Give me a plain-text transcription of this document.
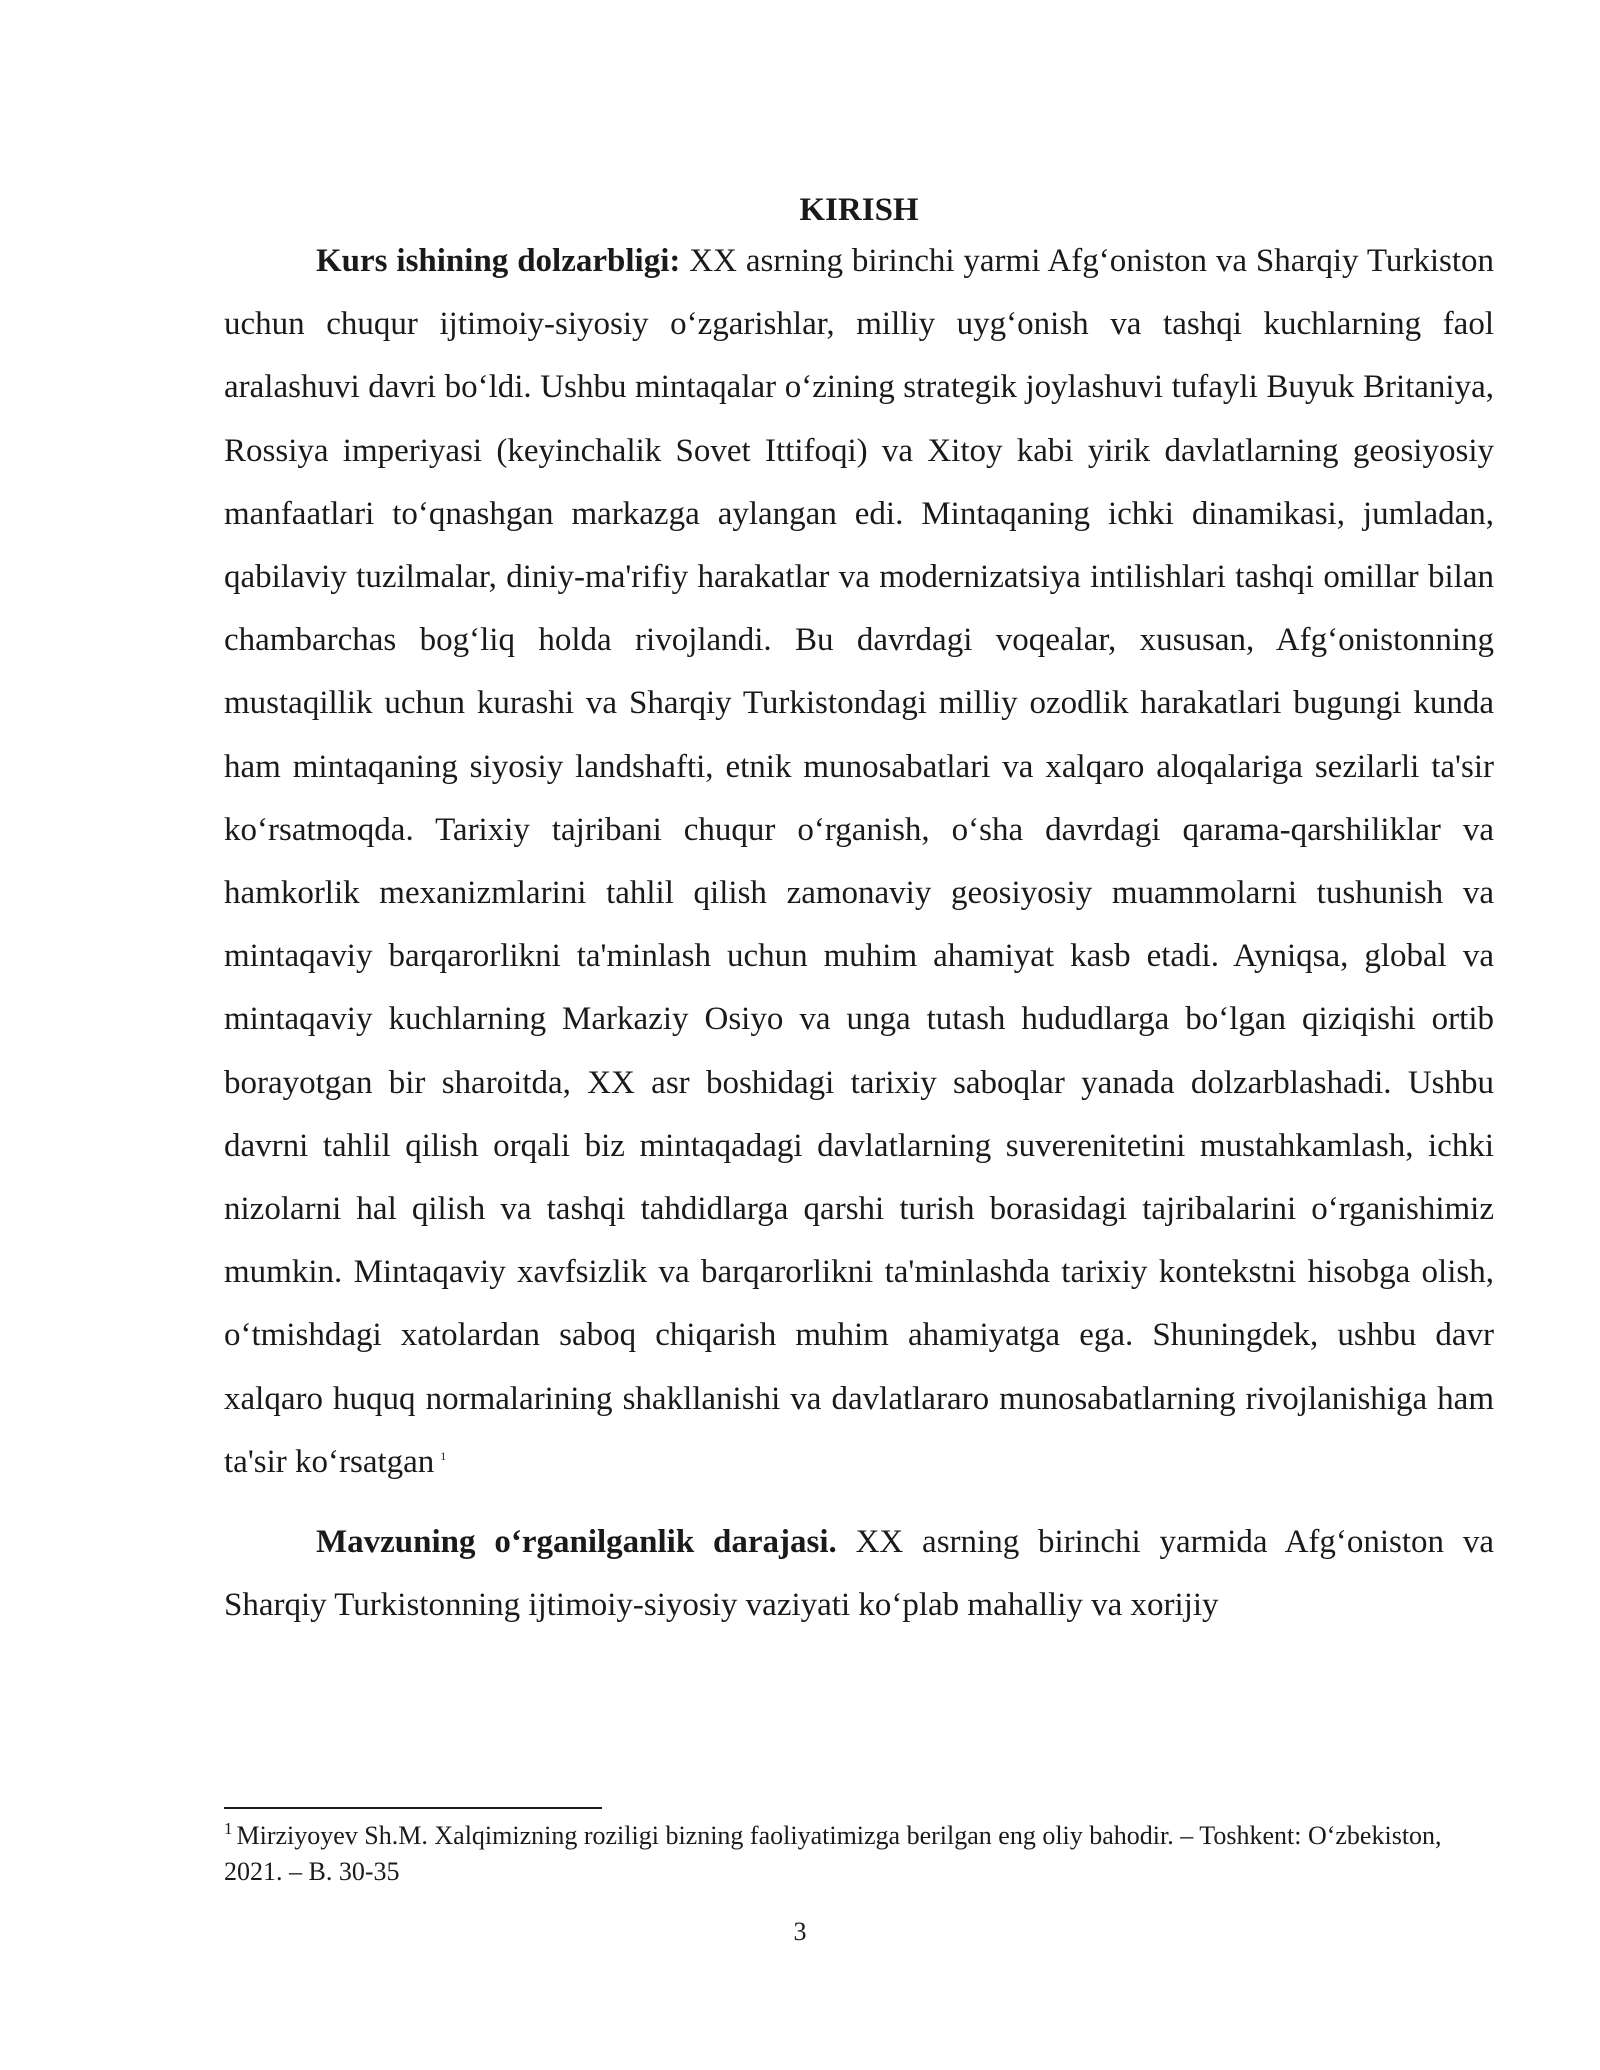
KIRISH

Kurs ishining dolzarbligi: XX asrning birinchi yarmi Afg‘oniston va Sharqiy Turkiston uchun chuqur ijtimoiy-siyosiy o‘zgarishlar, milliy uyg‘onish va tashqi kuchlarning faol aralashuvi davri bo‘ldi. Ushbu mintaqalar o‘zining strategik joylashuvi tufayli Buyuk Britaniya, Rossiya imperiyasi (keyinchalik Sovet Ittifoqi) va Xitoy kabi yirik davlatlarning geosiyosiy manfaatlari to‘qnashgan markazga aylangan edi. Mintaqaning ichki dinamikasi, jumladan, qabilaviy tuzilmalar, diniy-ma'rifiy harakatlar va modernizatsiya intilishlari tashqi omillar bilan chambarchas bog‘liq holda rivojlandi. Bu davrdagi voqealar, xususan, Afg‘onistonning mustaqillik uchun kurashi va Sharqiy Turkistondagi milliy ozodlik harakatlari bugungi kunda ham mintaqaning siyosiy landshafti, etnik munosabatlari va xalqaro aloqalariga sezilarli ta'sir ko‘rsatmoqda. Tarixiy tajribani chuqur o‘rganish, o‘sha davrdagi qarama-qarshiliklar va hamkorlik mexanizmlarini tahlil qilish zamonaviy geosiyosiy muammolarni tushunish va mintaqaviy barqarorlikni ta'minlash uchun muhim ahamiyat kasb etadi. Ayniqsa, global va mintaqaviy kuchlarning Markaziy Osiyo va unga tutash hududlarga bo‘lgan qiziqishi ortib borayotgan bir sharoitda, XX asr boshidagi tarixiy saboqlar yanada dolzarblashadi. Ushbu davrni tahlil qilish orqali biz mintaqadagi davlatlarning suverenitetini mustahkamlash, ichki nizolarni hal qilish va tashqi tahdidlarga qarshi turish borasidagi tajribalarini o‘rganishimiz mumkin. Mintaqaviy xavfsizlik va barqarorlikni ta'minlashda tarixiy kontekstni hisobga olish, o‘tmishdagi xatolardan saboq chiqarish muhim ahamiyatga ega. Shuningdek, ushbu davr xalqaro huquq normalarining shakllanishi va davlatlararo munosabatlarning rivojlanishiga ham ta'sir ko‘rsatgan $^1$

Mavzuning o‘rganilganlik darajasi. XX asrning birinchi yarmida Afg‘oniston va Sharqiy Turkistonning ijtimoiy-siyosiy vaziyati ko‘plab mahalliy va xorijiy

$^1$ Mirziyoyev Sh.M. Xalqimizning roziligi bizning faoliyatimizga berilgan eng oliy bahodir. – Toshkent: O‘zbekiston, 2021. – B. 30-35
3
